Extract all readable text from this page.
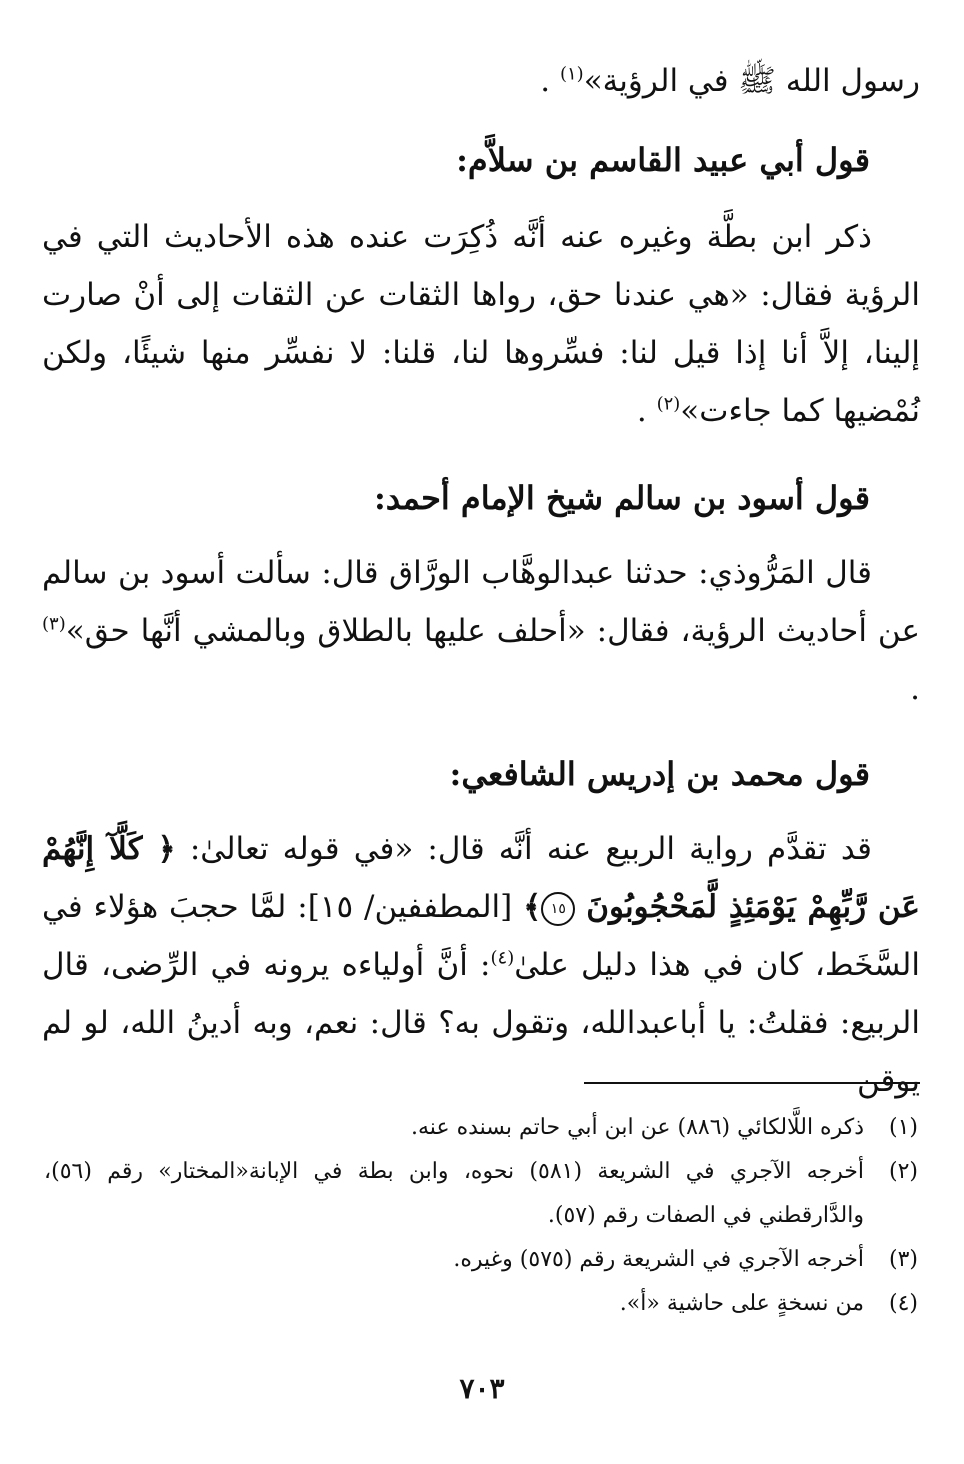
رسول الله ﷺ في الرؤية»$^{(١)}$ .

قول أبي عبيد القاسم بن سلاَّم:

ذكر ابن بطَّة وغيره عنه أنَّه ذُكِرَت عنده هذه الأحاديث التي في الرؤية فقال: «هي عندنا حق، رواها الثقات عن الثقات إلى أنْ صارت إلينا، إلاَّ أنا إذا قيل لنا: فسِّروها لنا، قلنا: لا نفسِّر منها شيئًا، ولكن نُمْضيها كما جاءت»$^{(٢)}$ .

قول أسود بن سالم شيخ الإمام أحمد:

قال المَرُّوذي: حدثنا عبدالوهَّاب الورَّاق قال: سألت أسود بن سالم عن أحاديث الرؤية، فقال: «أحلف عليها بالطلاق وبالمشي أنَّها حق»$^{(٣)}$ .

قول محمد بن إدريس الشافعي:

قد تقدَّم رواية الربيع عنه أنَّه قال: «في قوله تعالىٰ: ﴿ كَلَّآ إِنَّهُمْ عَن رَّبِّهِمْ يَوْمَئِذٍ لَّمَحْجُوبُونَ ١٥﴾ [المطففين/ ١٥]: لمَّا حجبَ هؤلاء في السَّخَط، كان في هذا دليل علىٰ$^{(٤)}$: أنَّ أولياءه يرونه في الرِّضى، قال الربيع: فقلتُ: يا أباعبدالله، وتقول به؟ قال: نعم، وبه أدينُ الله، لو لم يوقن

(١)
ذكره اللَّالكائي (٨٨٦) عن ابن أبي حاتم بسنده عنه.

(٢)
أخرجه الآجري في الشريعة (٥٨١) نحوه، وابن بطة في الإبانة«المختار» رقم (٥٦)، والدَّارقطني في الصفات رقم (٥٧).

(٣)
أخرجه الآجري في الشريعة رقم (٥٧٥) وغيره.

(٤)
من نسخةٍ على حاشية «أ».

٧٠٣
